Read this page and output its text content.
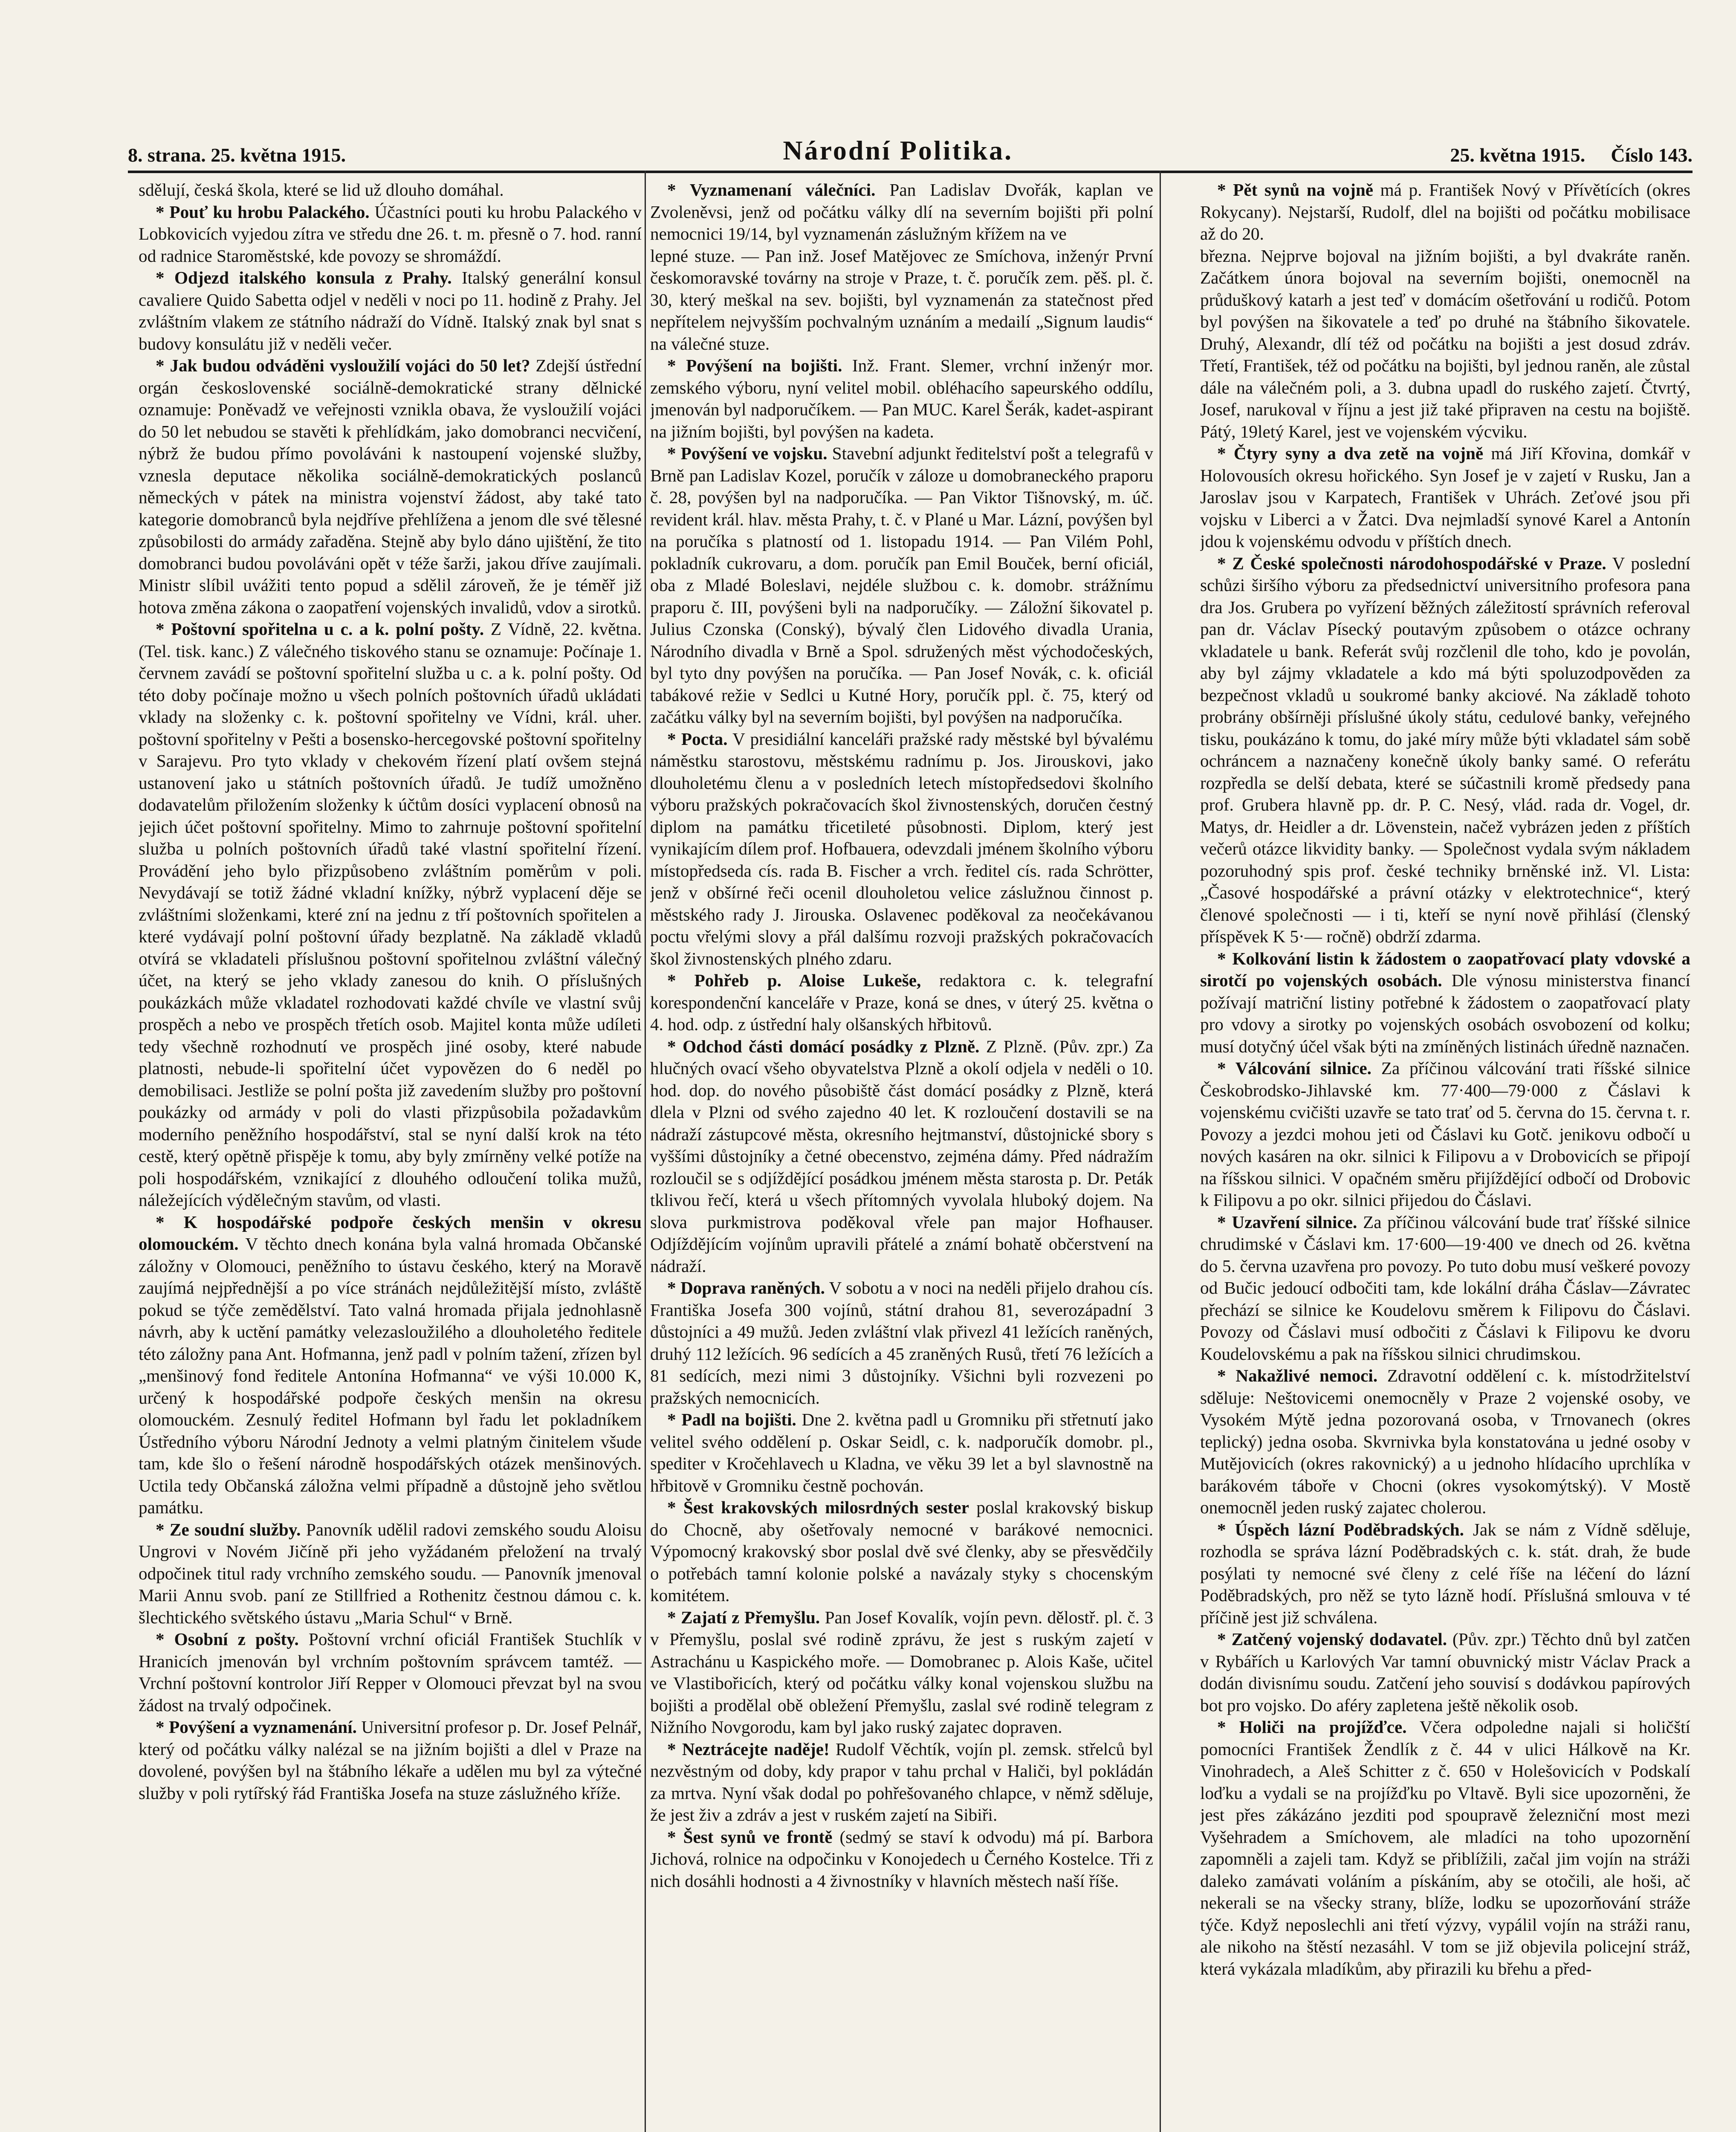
8. strana. 25. května 1915.	Národní Politika.	25. května 1915. Číslo 143.

sdělují, česká škola, které se lid už dlouho domáhal.

* Pouť ku hrobu Palackého. Účastníci pouti ku hrobu Palackého v Lobkovicích vyjedou zítra ve středu dne 26. t. m. přesně o 7. hod. ranní od radnice Staroměstské, kde povozy se shromáždí.

* Odjezd italského konsula z Prahy. Italský generální konsul cavaliere Quido Sabetta odjel v neděli v noci po 11. hodině z Prahy. Jel zvláštním vlakem ze státního nádraží do Vídně. Italský znak byl snat s budovy konsulátu již v neděli večer.

* Jak budou odváděni vysloužilí vojáci do 50 let? Zdejší ústřední orgán československé sociálně-demokratické strany dělnické oznamuje: Poněvadž ve veřejnosti vznikla obava, že vysloužilí vojáci do 50 let nebudou se stavěti k přehlídkám, jako domobranci necvičení, nýbrž že budou přímo povoláváni k nastoupení vojenské služby, vznesla deputace několika sociálně-demokratických poslanců německých v pátek na ministra vojenství žádost, aby také tato kategorie domobranců byla nejdříve přehlížena a jenom dle své tělesné způsobilosti do armády zařaděna. Stejně aby bylo dáno ujištění, že tito domobranci budou povoláváni opět v téže šarži, jakou dříve zaujímali. Ministr slíbil uvážiti tento popud a sdělil zároveň, že je téměř již hotova změna zákona o zaopatření vojenských invalidů, vdov a sirotků.

* Poštovní spořitelna u c. a k. polní pošty. Z Vídně, 22. května. (Tel. tisk. kanc.) Z válečného tiskového stanu se oznamuje: Počínaje 1. červnem zavádí se poštovní spořitelní služba u c. a k. polní pošty. Od této doby počínaje možno u všech polních poštovních úřadů ukládati vklady na složenky c. k. poštovní spořitelny ve Vídni, král. uher. poštovní spořitelny v Pešti a bosensko-hercegovské poštovní spořitelny v Sarajevu. Pro tyto vklady v chekovém řízení platí ovšem stejná ustanovení jako u státních poštovních úřadů. Je tudíž umožněno dodavatelům přiložením složenky k účtům dosíci vyplacení obnosů na jejich účet poštovní spořitelny. Mimo to zahrnuje poštovní spořitelní služba u polních poštovních úřadů také vlastní spořitelní řízení. Provádění jeho bylo přizpůsobeno zvláštním poměrům v poli. Nevydávají se totiž žádné vkladní knížky, nýbrž vyplacení děje se zvláštními složenkami, které zní na jednu z tří poštovních spořitelen a které vydávají polní poštovní úřady bezplatně. Na základě vkladů otvírá se vkladateli příslušnou poštovní spořitelnou zvláštní válečný účet, na který se jeho vklady zanesou do knih. O příslušných poukázkách může vkladatel rozhodovati každé chvíle ve vlastní svůj prospěch a nebo ve prospěch třetích osob. Majitel konta může udíleti tedy všechně rozhodnutí ve prospěch jiné osoby, které nabude platnosti, nebude-li spořitelní účet vypovězen do 6 neděl po demobilisaci. Jestliže se polní pošta již zavedením služby pro poštovní poukázky od armády v poli do vlasti přizpůsobila požadavkům moderního peněžního hospodářství, stal se nyní další krok na této cestě, který opětně přispěje k tomu, aby byly zmírněny velké potíže na poli hospodářském, vznikající z dlouhého odloučení tolika mužů, náležejících výdělečným stavům, od vlasti.

* K hospodářské podpoře českých menšin v okresu olomouckém. V těchto dnech konána byla valná hromada Občanské záložny v Olomouci, peněžního to ústavu českého, který na Moravě zaujímá nejpřednější a po více stránách nejdůležitější místo, zvláště pokud se týče zemědělství. Tato valná hromada přijala jednohlasně návrh, aby k uctění památky velezasloužilého a dlouholetého ředitele této záložny pana Ant. Hofmanna, jenž padl v polním tažení, zřízen byl „menšinový fond ředitele Antonína Hofmanna“ ve výši 10.000 K, určený k hospodářské podpoře českých menšin na okresu olomouckém. Zesnulý ředitel Hofmann byl řadu let pokladníkem Ústředního výboru Národní Jednoty a velmi platným činitelem všude tam, kde šlo o řešení národně hospodářských otázek menšinových. Uctila tedy Občanská záložna velmi případně a důstojně jeho světlou památku.

* Ze soudní služby. Panovník udělil radovi zemského soudu Aloisu Ungrovi v Novém Jičíně při jeho vyžádaném přeložení na trvalý odpočinek titul rady vrchního zemského soudu. — Panovník jmenoval Marii Annu svob. paní ze Stillfried a Rothenitz čestnou dámou c. k. šlechtického světského ústavu „Maria Schul“ v Brně.

* Osobní z pošty. Poštovní vrchní oficiál František Stuchlík v Hranicích jmenován byl vrchním poštovním správcem tamtéž. — Vrchní poštovní kontrolor Jiří Repper v Olomouci převzat byl na svou žádost na trvalý odpočinek.

* Povýšení a vyznamenání. Universitní profesor p. Dr. Josef Pelnář, který od počátku války nalézal se na jižním bojišti a dlel v Praze na dovolené, povýšen byl na štábního lékaře a udělen mu byl za výtečné služby v poli rytířský řád Františka Josefa na stuze záslužného kříže.

* Vyznamenaní válečníci. Pan Ladislav Dvořák, kaplan ve Zvoleněvsi, jenž od počátku války dlí na severním bojišti při polní nemocnici 19/14, byl vyznamenán záslužným křížem na ve

lepné stuze. — Pan inž. Josef Matějovec ze Smíchova, inženýr První českomoravské továrny na stroje v Praze, t. č. poručík zem. pěš. pl. č. 30, který meškal na sev. bojišti, byl vyznamenán za statečnost před nepřítelem nejvyšším pochvalným uznáním a medailí „Signum laudis“ na válečné stuze.

* Povýšení na bojišti. Inž. Frant. Slemer, vrchní inženýr mor. zemského výboru, nyní velitel mobil. obléhacího sapeurského oddílu, jmenován byl nadporučíkem. — Pan MUC. Karel Šerák, kadet-aspirant na jižním bojišti, byl povýšen na kadeta.

* Povýšení ve vojsku. Stavební adjunkt ředitelství pošt a telegrafů v Brně pan Ladislav Kozel, poručík v záloze u domobraneckého praporu č. 28, povýšen byl na nadporučíka. — Pan Viktor Tišnovský, m. úč. revident král. hlav. města Prahy, t. č. v Plané u Mar. Lázní, povýšen byl na poručíka s platností od 1. listopadu 1914. — Pan Vilém Pohl, pokladník cukrovaru, a dom. poručík pan Emil Bouček, berní oficiál, oba z Mladé Boleslavi, nejdéle službou c. k. domobr. strážnímu praporu č. III, povýšeni byli na nadporučíky. — Záložní šikovatel p. Julius Czonska (Conský), bývalý člen Lidového divadla Urania, Národního divadla v Brně a Spol. sdružených měst východočeských, byl tyto dny povýšen na poručíka. — Pan Josef Novák, c. k. oficiál tabákové režie v Sedlci u Kutné Hory, poručík ppl. č. 75, který od začátku války byl na severním bojišti, byl povýšen na nadporučíka.

* Pocta. V presidiální kanceláři pražské rady městské byl bývalému náměstku starostovu, městskému radnímu p. Jos. Jirouskovi, jako dlouholetému členu a v posledních letech místopředsedovi školního výboru pražských pokračovacích škol živnostenských, doručen čestný diplom na památku třicetileté působnosti. Diplom, který jest vynikajícím dílem prof. Hofbauera, odevzdali jménem školního výboru místopředseda cís. rada B. Fischer a vrch. ředitel cís. rada Schrötter, jenž v obšírné řeči ocenil dlouholetou velice záslužnou činnost p. městského rady J. Jirouska. Oslavenec poděkoval za neočekávanou poctu vřelými slovy a přál dalšímu rozvoji pražských pokračovacích škol živnostenských plného zdaru.

* Pohřeb p. Aloise Lukeše, redaktora c. k. telegrafní korespondenční kanceláře v Praze, koná se dnes, v úterý 25. května o 4. hod. odp. z ústřední haly olšanských hřbitovů.

* Odchod části domácí posádky z Plzně. Z Plzně. (Pův. zpr.) Za hlučných ovací všeho obyvatelstva Plzně a okolí odjela v neděli o 10. hod. dop. do nového působiště část domácí posádky z Plzně, která dlela v Plzni od svého zajedno 40 let. K rozloučení dostavili se na nádraží zástupcové města, okresního hejtmanství, důstojnické sbory s vyššími důstojníky a četné obecenstvo, zejména dámy. Před nádražím rozloučil se s odjíždějící posádkou jménem města starosta p. Dr. Peták tklivou řečí, která u všech přítomných vyvolala hluboký dojem. Na slova purkmistrova poděkoval vřele pan major Hofhauser. Odjíždějícím vojínům upravili přátelé a známí bohatě občerstvení na nádraží.

* Doprava raněných. V sobotu a v noci na neděli přijelo drahou cís. Františka Josefa 300 vojínů, státní drahou 81, severozápadní 3 důstojníci a 49 mužů. Jeden zvláštní vlak přivezl 41 ležících raněných, druhý 112 ležících. 96 sedících a 45 zraněných Rusů, třetí 76 ležících a 81 sedících, mezi nimi 3 důstojníky. Všichni byli rozvezeni po pražských nemocnicích.

* Padl na bojišti. Dne 2. května padl u Gromniku při střetnutí jako velitel svého oddělení p. Oskar Seidl, c. k. nadporučík domobr. pl., spediter v Kročehlavech u Kladna, ve věku 39 let a byl slavnostně na hřbitově v Gromniku čestně pochován.

* Šest krakovských milosrdných sester poslal krakovský biskup do Chocně, aby ošetřovaly nemocné v barákové nemocnici. Výpomocný krakovský sbor poslal dvě své členky, aby se přesvědčily o potřebách tamní kolonie polské a navázaly styky s chocenským komitétem.

* Zajatí z Přemyšlu. Pan Josef Kovalík, vojín pevn. dělostř. pl. č. 3 v Přemyšlu, poslal své rodině zprávu, že jest s ruským zajetí v Astrachánu u Kaspického moře. — Domobranec p. Alois Kaše, učitel ve Vlastibořicích, který od počátku války konal vojenskou službu na bojišti a prodělal obě obležení Přemyšlu, zaslal své rodině telegram z Nižního Novgorodu, kam byl jako ruský zajatec dopraven.

* Neztrácejte naděje! Rudolf Věchtík, vojín pl. zemsk. střelců byl nezvěstným od doby, kdy prapor v tahu prchal v Haliči, byl pokládán za mrtva. Nyní však dodal po pohřešovaného chlapce, v němž sděluje, že jest živ a zdráv a jest v ruském zajetí na Sibiři.

* Šest synů ve frontě (sedmý se staví k odvodu) má pí. Barbora Jichová, rolnice na odpočinku v Konojedech u Černého Kostelce. Tři z nich dosáhli hodnosti a 4 živnostníky v hlavních městech naší říše.

* Pět synů na vojně má p. František Nový v Přívětících (okres Rokycany). Nejstarší, Rudolf, dlel na bojišti od počátku mobilisace až do 20.

března. Nejprve bojoval na jižním bojišti, a byl dvakráte raněn. Začátkem února bojoval na severním bojišti, onemocněl na průduškový katarh a jest teď v domácím ošetřování u rodičů. Potom byl povýšen na šikovatele a teď po druhé na štábního šikovatele. Druhý, Alexandr, dlí též od počátku na bojišti a jest dosud zdráv. Třetí, František, též od počátku na bojišti, byl jednou raněn, ale zůstal dále na válečném poli, a 3. dubna upadl do ruského zajetí. Čtvrtý, Josef, narukoval v říjnu a jest již také připraven na cestu na bojiště. Pátý, 19letý Karel, jest ve vojenském výcviku.

* Čtyry syny a dva zetě na vojně má Jiří Křovina, domkář v Holovousích okresu hořického. Syn Josef je v zajetí v Rusku, Jan a Jaroslav jsou v Karpatech, František v Uhrách. Zeťové jsou při vojsku v Liberci a v Žatci. Dva nejmladší synové Karel a Antonín jdou k vojenskému odvodu v příštích dnech.

* Z České společnosti národohospodářské v Praze. V poslední schůzi širšího výboru za předsednictví universitního profesora pana dra Jos. Grubera po vyřízení běžných záležitostí správních referoval pan dr. Václav Písecký poutavým způsobem o otázce ochrany vkladatele u bank. Referát svůj rozčlenil dle toho, kdo je povolán, aby byl zájmy vkladatele a kdo má býti spoluzodpověden za bezpečnost vkladů u soukromé banky akciové. Na základě tohoto probrány obšírněji příslušné úkoly státu, cedulové banky, veřejného tisku, poukázáno k tomu, do jaké míry může býti vkladatel sám sobě ochráncem a naznačeny konečně úkoly banky samé. O referátu rozpředla se delší debata, které se súčastnili kromě předsedy pana prof. Grubera hlavně pp. dr. P. C. Nesý, vlád. rada dr. Vogel, dr. Matys, dr. Heidler a dr. Lövenstein, načež vybrázen jeden z příštích večerů otázce likvidity banky. — Společnost vydala svým nákladem pozoruhodný spis prof. české techniky brněnské inž. Vl. Lista: „Časové hospodářské a právní otázky v elektrotechnice“, který členové společnosti — i ti, kteří se nyní nově přihlásí (členský příspěvek K 5·— ročně) obdrží zdarma.

* Kolkování listin k žádostem o zaopatřovací platy vdovské a sirotčí po vojenských osobách. Dle výnosu ministerstva financí požívají matriční listiny potřebné k žádostem o zaopatřovací platy pro vdovy a sirotky po vojenských osobách osvobození od kolku; musí dotyčný účel však býti na zmíněných listinách úředně naznačen.

* Válcování silnice. Za příčinou válcování trati říšské silnice Českobrodsko-Jihlavské km. 77·400—79·000 z Čáslavi k vojenskému cvičišti uzavře se tato trať od 5. června do 15. června t. r. Povozy a jezdci mohou jeti od Čáslavi ku Gotč. jenikovu odbočí u nových kasáren na okr. silnici k Filipovu a v Drobovicích se připojí na říšskou silnici. V opačném směru přijíždějící odbočí od Drobovic k Filipovu a po okr. silnici přijedou do Čáslavi.

* Uzavření silnice. Za příčinou válcování bude trať říšské silnice chrudimské v Čáslavi km. 17·600—19·400 ve dnech od 26. května do 5. června uzavřena pro povozy. Po tuto dobu musí veškeré povozy od Bučic jedoucí odbočiti tam, kde lokální dráha Čáslav—Závratec přechází se silnice ke Koudelovu směrem k Filipovu do Čáslavi. Povozy od Čáslavi musí odbočiti z Čáslavi k Filipovu ke dvoru Koudelovskému a pak na říšskou silnici chrudimskou.

* Nakažlivé nemoci. Zdravotní oddělení c. k. místodržitelství sděluje: Neštovicemi onemocněly v Praze 2 vojenské osoby, ve Vysokém Mýtě jedna pozorovaná osoba, v Trnovanech (okres teplický) jedna osoba. Skvrnivka byla konstatována u jedné osoby v Mutějovicích (okres rakovnický) a u jednoho hlídacího uprchlíka v barákovém táboře v Chocni (okres vysokomýtský). V Mostě onemocněl jeden ruský zajatec cholerou.

* Úspěch lázní Poděbradských. Jak se nám z Vídně sděluje, rozhodla se správa lázní Poděbradských c. k. stát. drah, že bude posýlati ty nemocné své členy z celé říše na léčení do lázní Poděbradských, pro něž se tyto lázně hodí. Příslušná smlouva v té příčině jest již schválena.

* Zatčený vojenský dodavatel. (Pův. zpr.) Těchto dnů byl zatčen v Rybářích u Karlových Var tamní obuvnický mistr Václav Prack a dodán divisnímu soudu. Zatčení jeho souvisí s dodávkou papírových bot pro vojsko. Do aféry zapletena ještě několik osob.

* Holiči na projížďce. Včera odpoledne najali si holičští pomocníci František Žendlík z č. 44 v ulici Hálkově na Kr. Vinohradech, a Aleš Schitter z č. 650 v Holešovicích v Podskalí loďku a vydali se na projížďku po Vltavě. Byli sice upozorněni, že jest přes zákázáno jezditi pod spoupravě železniční most mezi Vyšehradem a Smíchovem, ale mladíci na toho upozornění zapomněli a zajeli tam. Když se přiblížili, začal jim vojín na stráži daleko zamávati voláním a pískáním, aby se otočili, ale hoši, ač nekerali se na všecky strany, blíže, lodku se upozorňování stráže týče. Když neposlechli ani třetí výzvy, vypálil vojín na stráži ranu, ale nikoho na štěstí nezasáhl. V tom se již objevila policejní stráž, která vykázala mladíkům, aby přirazili ku břehu a před-
